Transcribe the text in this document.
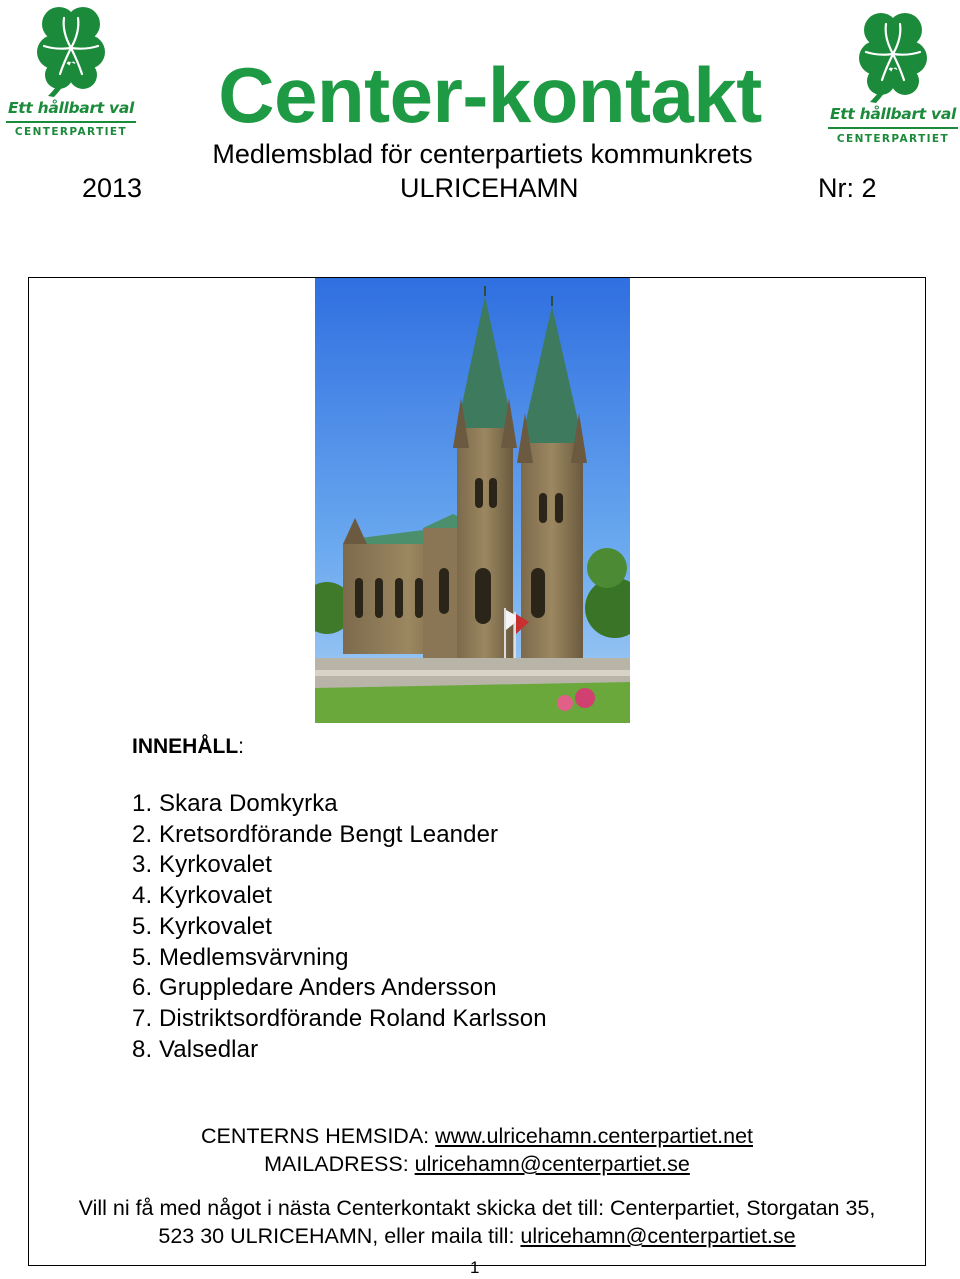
Ett hållbart val
CENTERPARTIET
Ett hållbart val
CENTERPARTIET
Center-kontakt
Medlemsblad för centerpartiets kommunkrets
2013	ULRICEHAMN	Nr: 2
INNEHÅLL:
1. Skara Domkyrka
2. Kretsordförande Bengt Leander
3. Kyrkovalet
4. Kyrkovalet
5. Kyrkovalet
5. Medlemsvärvning
6. Gruppledare Anders Andersson
7. Distriktsordförande Roland Karlsson
8. Valsedlar
CENTERNS HEMSIDA: www.ulricehamn.centerpartiet.net
MAILADRESS: ulricehamn@centerpartiet.se
Vill ni få med något i nästa Centerkontakt skicka det till: Centerpartiet, Storgatan 35,
523 30 ULRICEHAMN, eller maila till: ulricehamn@centerpartiet.se
1
